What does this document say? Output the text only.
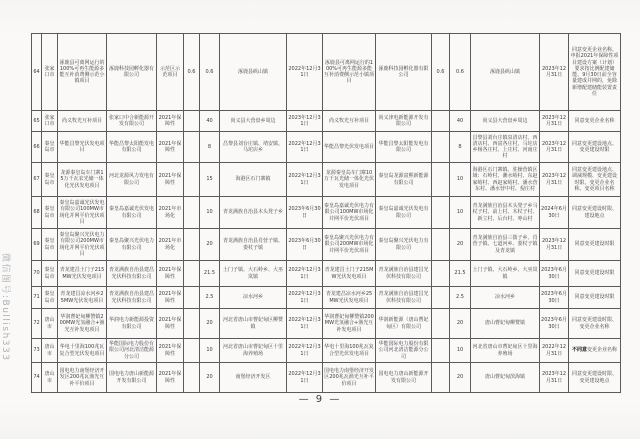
64	张家口市	涿鹿县可离网运行的100%可再生能源多能互补消费侧示范小镇项目	涿鹿科技园孵化器有限公司	示范区示范项目	0.6	0.6	涿鹿县矾山镇	2022年12月31日	涿鹿县可离网运行的100%可再生能源多能互补消费侧示范小镇项目	涿鹿科技园孵化器有限公司	0.6	0.6	涿鹿县矾山镇	2023年12月31日	同意变更企业名称。申报2021年保障性项目建设方案（计划）要求按比例配建储能，9月30日前全容量建成并网的，免除新增配建储能装置责任
65	张家口市	尚义牧光互补项目	张家口中合新能源开发有限公司	2021年保障性		40	尚义县大营盘乡周边	2023年12月31日	尚义牧光互补项目	尚义津电新能源开发有限公司		40	尚义县大营盘乡周边	2023年12月31日	同意变更企业名称
66	秦皇岛市	华能昌黎光伏发电项目	华能昌黎太阳能发电有限公司	2021年保障性		8	昌黎县刘台庄镇、靖安镇、马坨店乡	2022年12月31日	华能昌黎光伏发电项目	华能昌黎太阳能发电有限公司		8	昌黎县刘台庄镇泉清店村、西清店村、西富各庄村，马坨店乡杨各庄村、上庄村、河南庄村	2023年12月31日	同意变更建设地点、变更建设时限
67	秦皇岛市	龙源秦皇岛车门寨15万千瓦农光储一体化光伏发电项目	河北龙源风力发电有限公司	2021年保障性		15	海港区石门寨镇	2022年12月31日	龙源秦皇岛车门寨10万千瓦光储一体化光伏发电项目	秦皇岛龙源富熙新能源有限公司		10	海港区石门寨镇、驻操营镇区域：石岭村、潮水峪村、东赵家峪村、西赵家峪村、潘水营东村、潘水营中村、倪庄村	2023年12月31日	同意变更建设地点、调减规模、变更建设时限、变更企业名称、变更项目名称
68	秦皇岛市	秦皇岛嘉诚光伏发电有限公司100MW市场化并网平价光伏项目	秦皇岛嘉诚光伏发电有限公司	2021年市场化		10	青龙满族自治县木头凳子乡	2023年6月30日	秦皇岛嘉诚光伏电力有限公司100MW市场化并网平价光伏项目	秦皇岛嘉诚光伏发电有限公司		10	青龙满族自治县木头凳子乡马杖子村、前上村、木杖子村、新立村、后台村、枣山村	2024年6月30日	同意变更建设时限、建设地点
69	秦皇岛市	秦皇岛聚兴光伏电力有限公司200MW市场化并网平价光伏项目	秦皇岛聚兴光伏电力有限公司	2021年市场化		20	青龙满族自治县肖营子镇、娄杖子镇	2023年6月30日	秦皇岛聚兴光伏电力有限公司200MW市场化并网平价光伏项目	秦皇岛聚兴光伏电力有限公司		20	青龙满族自治县三拨子乡、肖营子镇、七道河乡、娄杖子镇及青龙镇	2023年12月31日	同意变更建设时限
70	秦皇岛市	青龙建昌土门子215MW光伏发电项目	青龙满族自治县建昌光伏科技有限公司	2021年保障性		21.5	土门子镇、大石岭乡、大巫岚镇	2022年12月31日	青龙建昌土门子215MW光伏发电项目	青龙满族自治县建昌光伏科技有限公司		21.5	土门子镇、大石岭乡、大巫岚镇	2023年6月30日	同意变更建设时限
71	秦皇岛市	青龙建昌凉水河乡25MW光伏发电项目	青龙满族自治县建昌光伏科技有限公司	2021年保障性		2.5	凉水河乡	2022年12月31日	青龙建昌凉水河乡25MW光伏发电项目	青龙满族自治县建昌光伏科技有限公司		2.5	凉水河乡	2023年6月30日	同意变更建设时限
72	唐山市	华润曹妃甸柳赞镇200MW光氢融合+渔光互补发电项目	华润电力新能源投资有限公司	2021年保障性		20	河北省唐山市曹妃甸区柳赞镇	2022年12月31日	华润曹妃甸柳赞镇200MW光氢融合+渔光互补发电项目	华润新能源（唐山曹妃甸区）有限公司		20	唐山曹妃甸柳赞镇	2023年6月30日	同意变更建设时限、变更企业名称
73	唐山市	华电十里海100兆瓦复合型光伏发电项目	华能国际电力股份有限公司河北清洁能源分公司	2021年保障性		10	河北省唐山市曹妃甸区十里海养殖场	2022年12月31日	华电十里海100兆瓦复合型光伏发电项目	华能国际电力股份有限公司河北清洁能源分公司		10	河北省唐山市曹妃甸区十里海养殖场	2022年12月31日	不同意变更企业名称
74	唐山市	国电电力南堡经济开发区200兆瓦渔光互补平价项目	国电电力唐山新能源开发有限公司	2021年保障性		20	南堡经济开发区	2022年12月31日	国电电力南堡经济开发区200兆瓦渔光互补平价项目	国电电力唐山新能源开发有限公司		20	唐山曹妃甸滨海镇	2023年12月31日	同意变更建设时限、变更建设地点
— 9 —
微信图号:Bullish333
